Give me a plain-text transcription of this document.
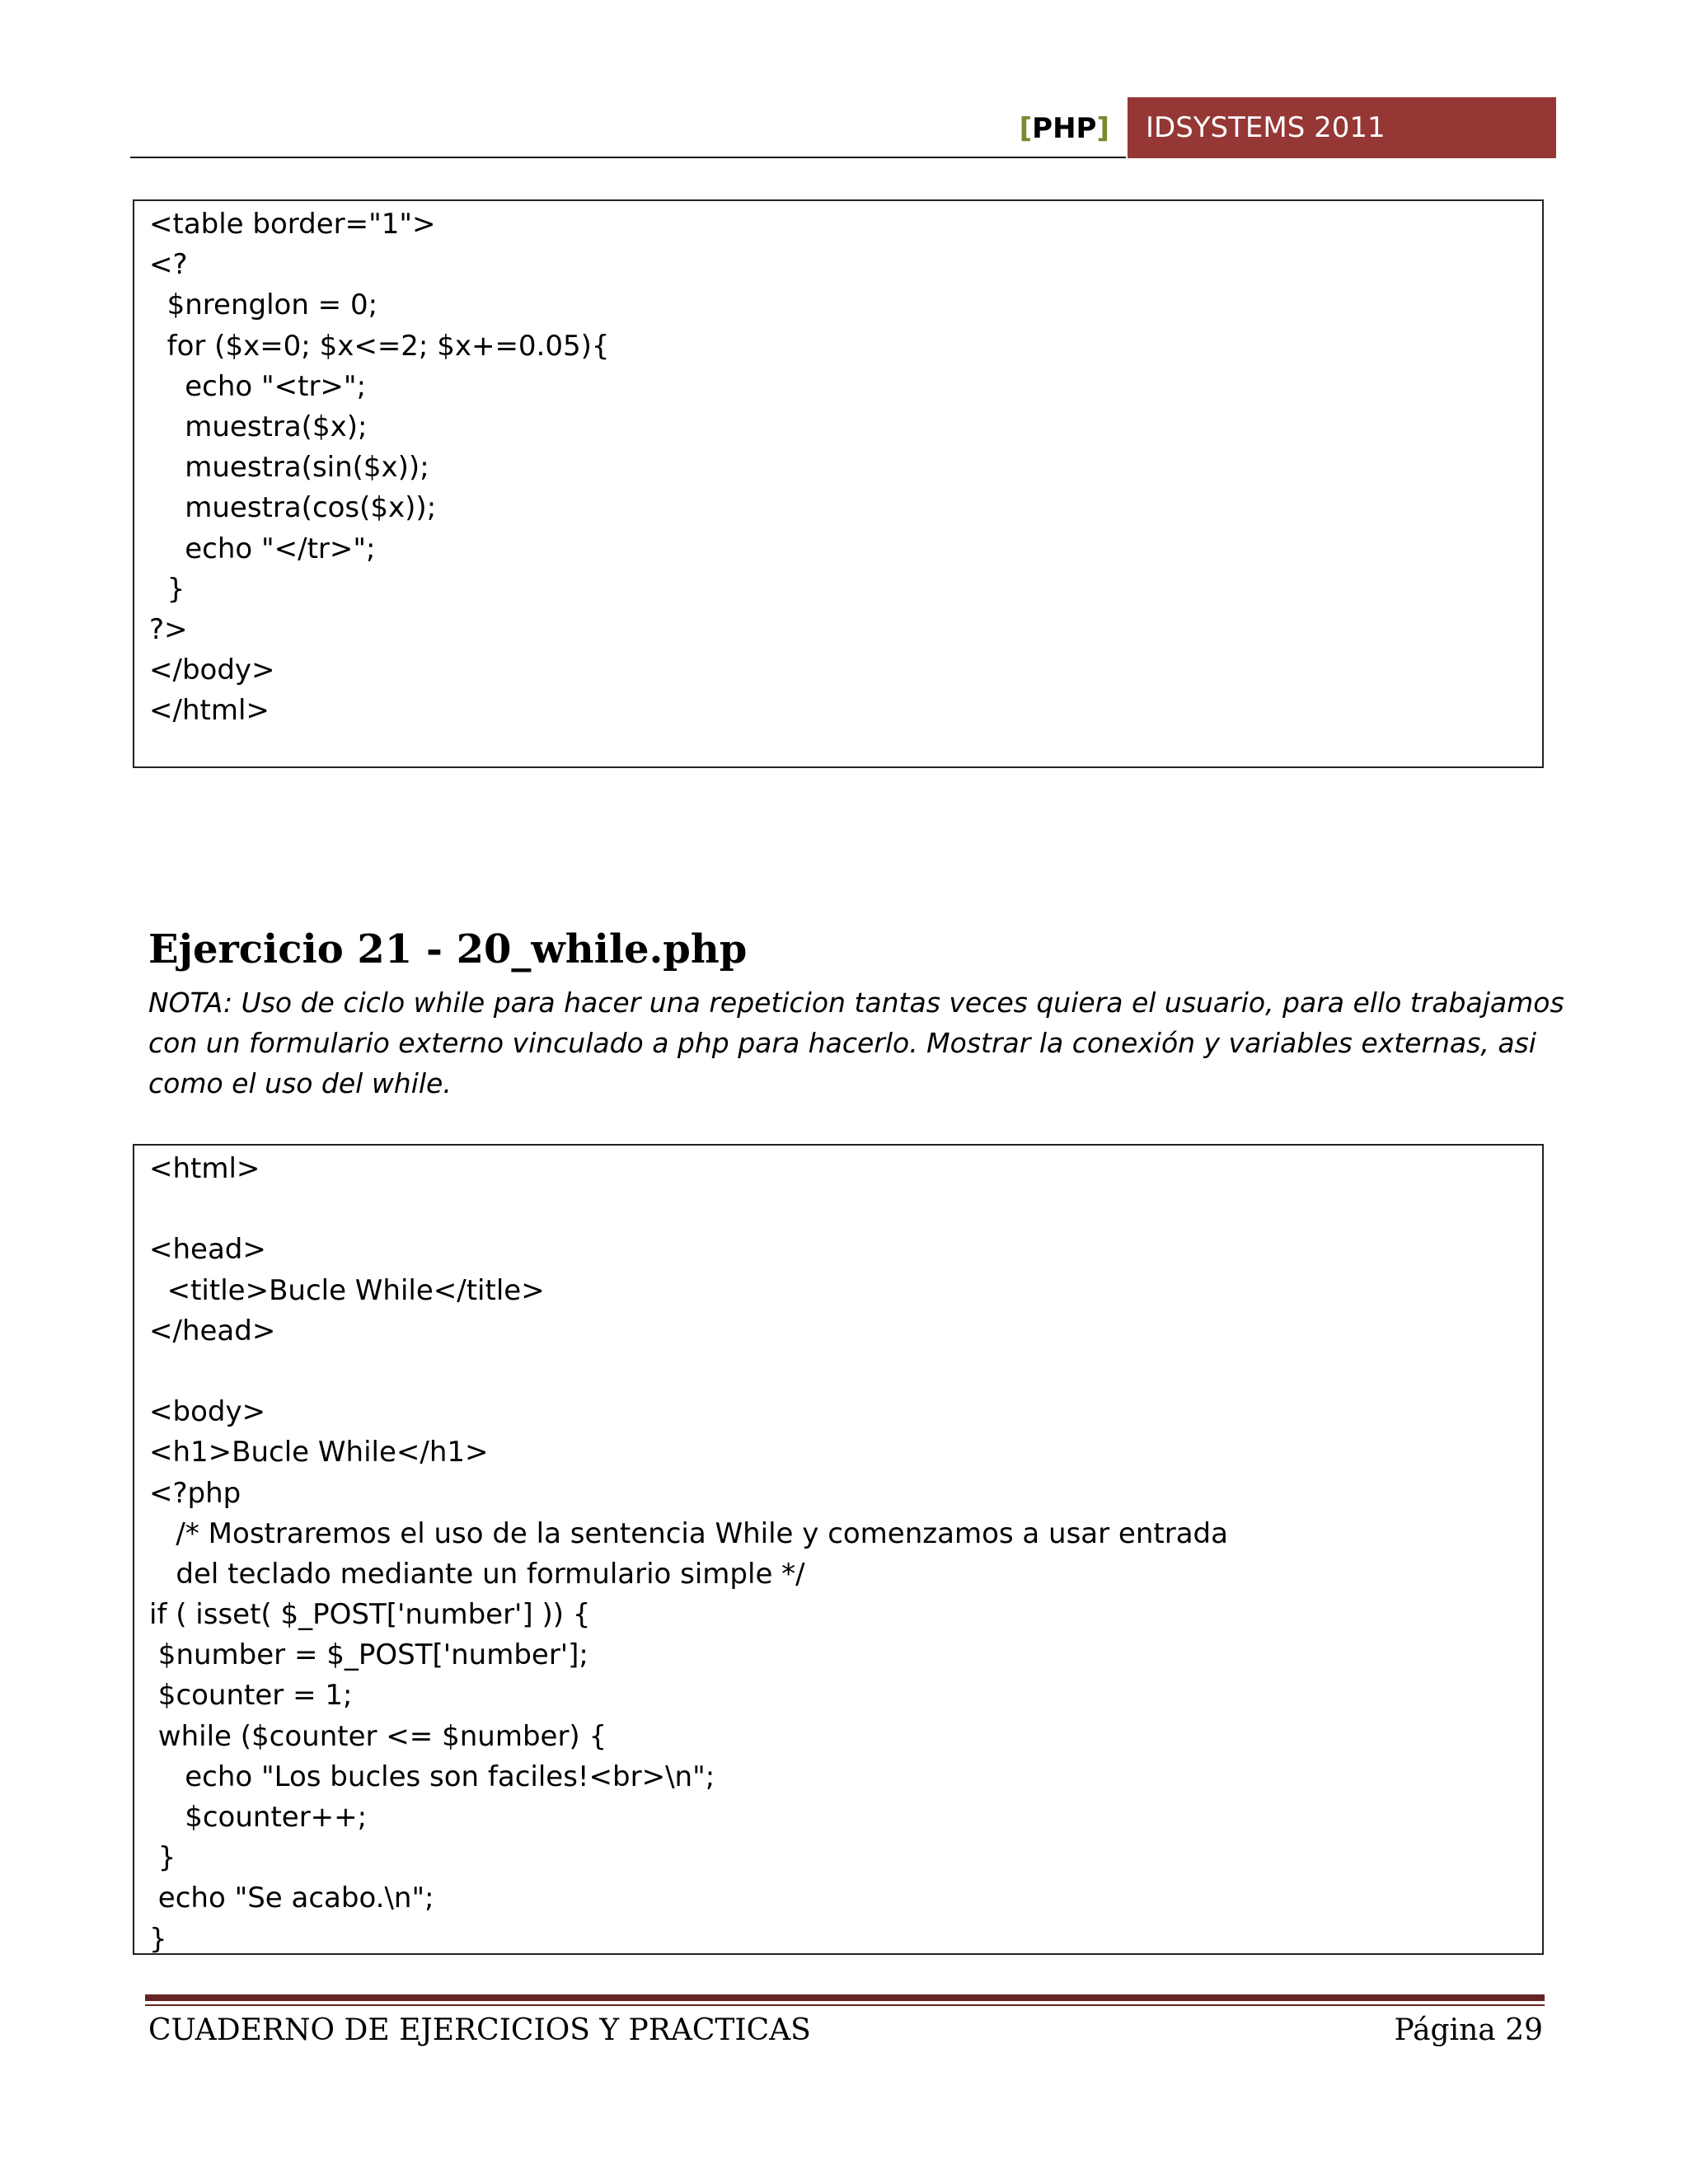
[PHP]	IDSYSTEMS 2011
<table border="1">
<?
$nrenglon = 0;
for ($x=0; $x<=2; $x+=0.05){
echo "<tr>";
muestra($x);
muestra(sin($x));
muestra(cos($x));
echo "</tr>";
}
?>
</body>
</html>
Ejercicio 21 - 20_while.php
NOTA: Uso de ciclo while para hacer una repeticion tantas veces quiera el usuario, para ello trabajamos
con un formulario externo vinculado a php para hacerlo. Mostrar la conexión y variables externas, asi
como el uso del while.
<html>
<head>
<title>Bucle While</title>
</head>
<body>
<h1>Bucle While</h1>
<?php
/* Mostraremos el uso de la sentencia While y comenzamos a usar entrada
del teclado mediante un formulario simple */
if ( isset( $_POST['number'] )) {
$number = $_POST['number'];
$counter = 1;
while ($counter <= $number) {
echo "Los bucles son faciles!<br>\n";
$counter++;
}
echo "Se acabo.\n";
}
CUADERNO DE EJERCICIOS Y PRACTICAS	Página 29
